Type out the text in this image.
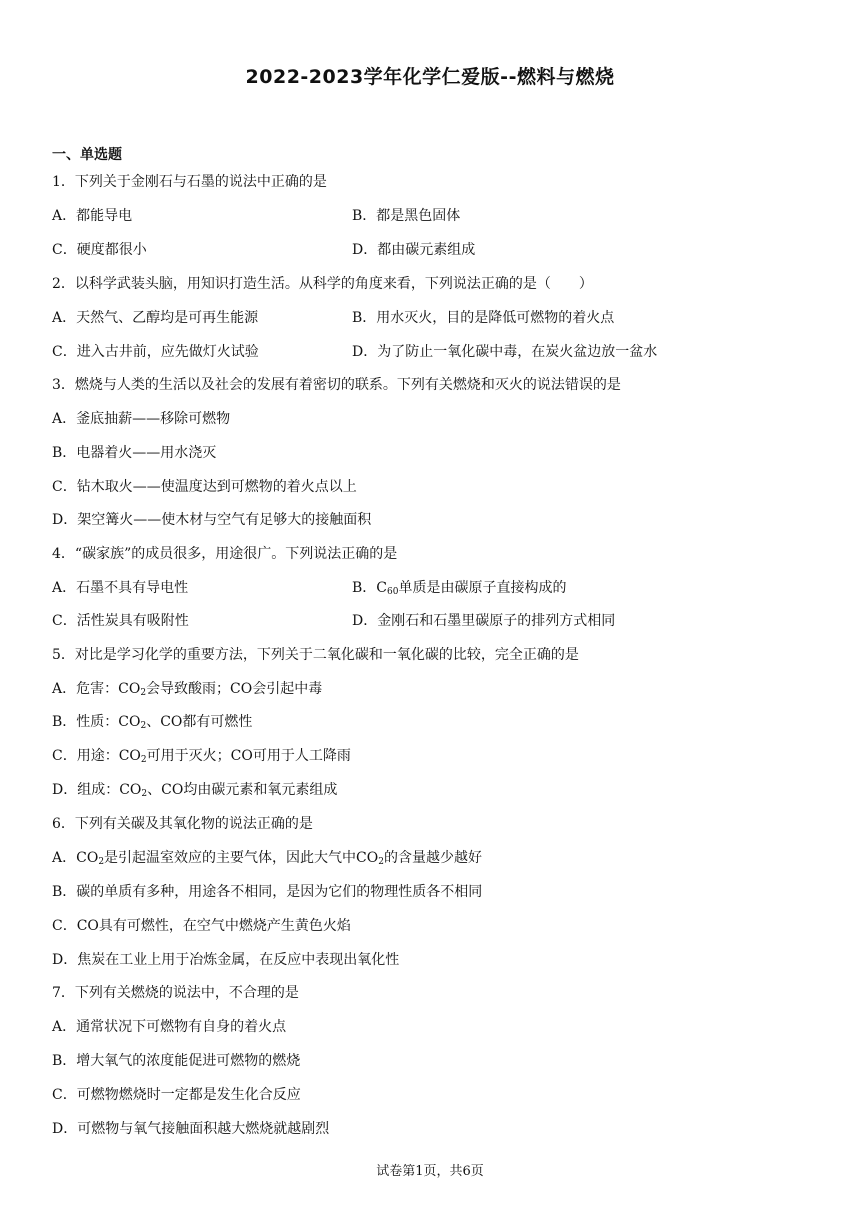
2022-2023学年化学仁爱版--燃料与燃烧
一、单选题
1．下列关于金刚石与石墨的说法中正确的是
A．都能导电	B．都是黑色固体
C．硬度都很小	D．都由碳元素组成
2．以科学武装头脑，用知识打造生活。从科学的角度来看，下列说法正确的是（　　）
A．天然气、乙醇均是可再生能源	B．用水灭火，目的是降低可燃物的着火点
C．进入古井前，应先做灯火试验	D．为了防止一氧化碳中毒，在炭火盆边放一盆水
3．燃烧与人类的生活以及社会的发展有着密切的联系。下列有关燃烧和灭火的说法错误的是
A．釜底抽薪——移除可燃物
B．电器着火——用水浇灭
C．钻木取火——使温度达到可燃物的着火点以上
D．架空篝火——使木材与空气有足够大的接触面积
4．“碳家族”的成员很多，用途很广。下列说法正确的是
A．石墨不具有导电性	B．$C_{60}$单质是由碳原子直接构成的
C．活性炭具有吸附性	D．金刚石和石墨里碳原子的排列方式相同
5．对比是学习化学的重要方法，下列关于二氧化碳和一氧化碳的比较，完全正确的是
A．危害：$CO_2$会导致酸雨；CO会引起中毒
B．性质：$CO_2$、CO都有可燃性
C．用途：$CO_2$可用于灭火；CO可用于人工降雨
D．组成：$CO_2$、CO均由碳元素和氧元素组成
6．下列有关碳及其氧化物的说法正确的是
A．$CO_2$是引起温室效应的主要气体，因此大气中$CO_2$的含量越少越好
B．碳的单质有多种，用途各不相同，是因为它们的物理性质各不相同
C．CO具有可燃性，在空气中燃烧产生黄色火焰
D．焦炭在工业上用于冶炼金属，在反应中表现出氧化性
7．下列有关燃烧的说法中，不合理的是
A．通常状况下可燃物有自身的着火点
B．增大氧气的浓度能促进可燃物的燃烧
C．可燃物燃烧时一定都是发生化合反应
D．可燃物与氧气接触面积越大燃烧就越剧烈
试卷第1页，共6页
